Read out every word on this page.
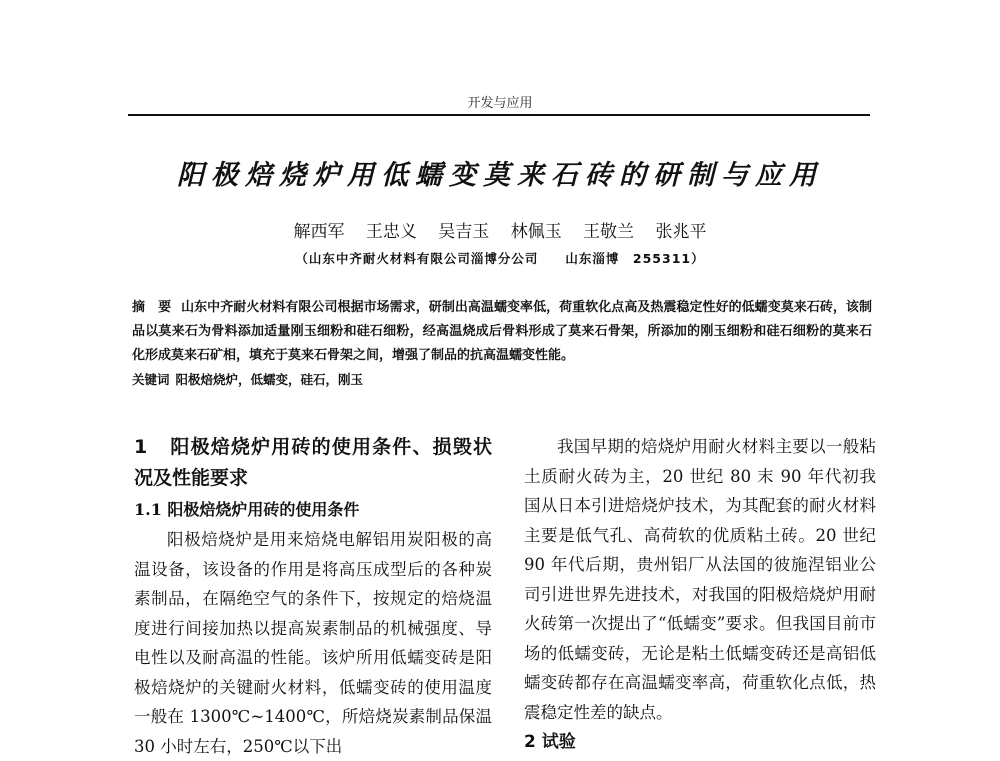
开发与应用
阳极焙烧炉用低蠕变莫来石砖的研制与应用
解西军 王忠义 吴吉玉 林佩玉 王敬兰 张兆平
（山东中齐耐火材料有限公司淄博分公司　　山东淄博　255311）
摘　要 山东中齐耐火材料有限公司根据市场需求，研制出高温蠕变率低，荷重软化点高及热震稳定性好的低蠕变莫来石砖，该制品以莫来石为骨料添加适量刚玉细粉和硅石细粉，经高温烧成后骨料形成了莫来石骨架，所添加的刚玉细粉和硅石细粉的莫来石化形成莫来石矿相，填充于莫来石骨架之间，增强了制品的抗高温蠕变性能。
关键词 阳极焙烧炉，低蠕变，硅石，刚玉
1 阳极焙烧炉用砖的使用条件、损毁状况及性能要求
1.1 阳极焙烧炉用砖的使用条件

阳极焙烧炉是用来焙烧电解铝用炭阳极的高温设备，该设备的作用是将高压成型后的各种炭素制品，在隔绝空气的条件下，按规定的焙烧温度进行间接加热以提高炭素制品的机械强度、导电性以及耐高温的性能。该炉所用低蠕变砖是阳极焙烧炉的关键耐火材料，低蠕变砖的使用温度一般在 1300℃~1400℃，所焙烧炭素制品保温 30 小时左右，250℃以下出

我国早期的焙烧炉用耐火材料主要以一般粘土质耐火砖为主，20 世纪 80 末 90 年代初我国从日本引进焙烧炉技术，为其配套的耐火材料主要是低气孔、高荷软的优质粘土砖。20 世纪 90 年代后期，贵州铝厂从法国的彼施涅铝业公司引进世界先进技术，对我国的阳极焙烧炉用耐火砖第一次提出了“低蠕变”要求。但我国目前市场的低蠕变砖，无论是粘土低蠕变砖还是高铝低蠕变砖都存在高温蠕变率高，荷重软化点低，热震稳定性差的缺点。

2 试验
